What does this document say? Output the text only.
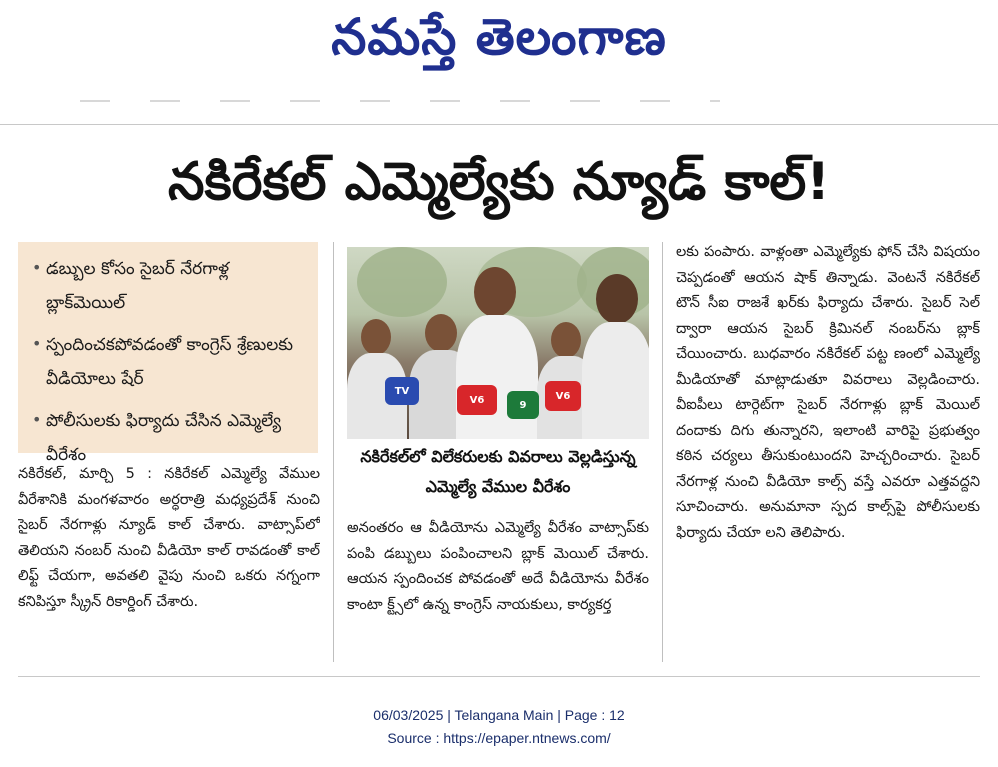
నమస్తే తెలంగాణ
నకిరేకల్ ఎమ్మెల్యేకు న్యూడ్ కాల్!
• డబ్బుల కోసం సైబర్ నేరగాళ్ల బ్లాక్‌మెయిల్
• స్పందించకపోవడంతో కాంగ్రెస్ శ్రేణులకు వీడియోలు షేర్
• పోలీసులకు ఫిర్యాదు చేసిన ఎమ్మెల్యే వీరేశం
నకిరేకల్, మార్చి 5 : నకిరేకల్ ఎమ్మెల్యే వేముల వీరేశానికి మంగళవారం అర్ధరాత్రి మధ్యప్రదేశ్ నుంచి సైబర్ నేరగాళ్లు న్యూడ్ కాల్ చేశారు. వాట్సాప్‌లో తెలియని నంబర్ నుంచి వీడియో కాల్ రావడంతో కాల్ లిఫ్ట్ చేయగా, అవతలి వైపు నుంచి ఒకరు నగ్నంగా కనిపిస్తూ స్క్రీన్ రికార్డింగ్ చేశారు.
TV
V6	9
V6
నకిరేకల్‌లో విలేకరులకు వివరాలు వెల్లడిస్తున్న ఎమ్మెల్యే వేముల వీరేశం
అనంతరం ఆ వీడియోను ఎమ్మెల్యే వీరేశం వాట్సాప్‌కు పంపి డబ్బులు పంపించాలని బ్లాక్ మెయిల్ చేశారు. ఆయన స్పందించక పోవడంతో అదే వీడియోను వీరేశం కాంటా క్ట్స్‌లో ఉన్న కాంగ్రెస్ నాయకులు, కార్యకర్త
లకు పంపారు. వాళ్లంతా ఎమ్మెల్యేకు ఫోన్ చేసి విషయం చెప్పడంతో ఆయన షాక్ తిన్నాడు. వెంటనే నకిరేకల్ టౌన్ సీఐ రాజశే ఖర్‌కు ఫిర్యాదు చేశారు. సైబర్ సెల్ ద్వారా ఆయన సైబర్ క్రిమినల్ నంబర్‌ను బ్లాక్ చేయించారు. బుధవారం నకిరేకల్ పట్ట ణంలో ఎమ్మెల్యే మీడియాతో మాట్లాడుతూ వివరాలు వెల్లడించారు. వీఐపీలు టార్గెట్‌గా సైబర్ నేరగాళ్లు బ్లాక్ మెయిల్ దందాకు దిగు తున్నారని, ఇలాంటి వారిపై ప్రభుత్వం కఠిన చర్యలు తీసుకుంటుందని హెచ్చరించారు. సైబర్ నేరగాళ్ల నుంచి వీడియో కాల్స్ వస్తే ఎవరూ ఎత్తవద్దని సూచించారు. అనుమానా స్పద కాల్స్‌పై పోలీసులకు ఫిర్యాదు చేయా లని తెలిపారు.
06/03/2025 | Telangana Main | Page : 12
Source : https://epaper.ntnews.com/
